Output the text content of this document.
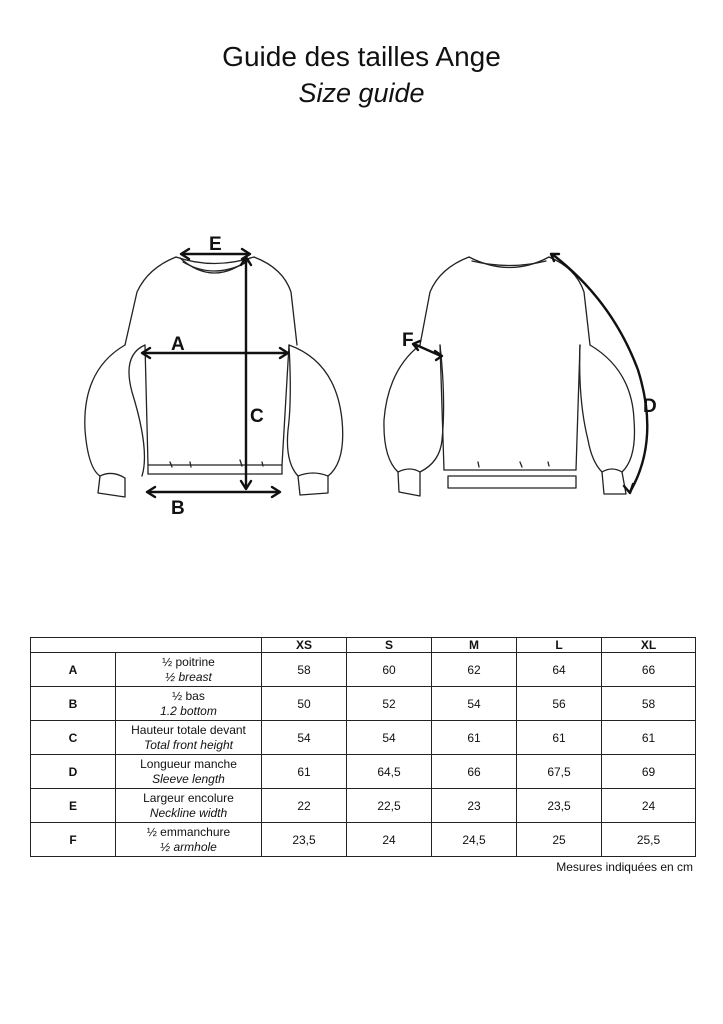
Guide des tailles Ange
Size guide
E
A
C
B
F
D
		XS	S	M	L	XL
A	½ poitrine
½ breast	58	60	62	64	66
B	½ bas
1.2 bottom	50	52	54	56	58
C	Hauteur totale devant
Total front height	54	54	61	61	61
D	Longueur manche
Sleeve length	61	64,5	66	67,5	69
E	Largeur encolure
Neckline width	22	22,5	23	23,5	24
F	½ emmanchure
½ armhole	23,5	24	24,5	25	25,5
Mesures indiquées en cm
